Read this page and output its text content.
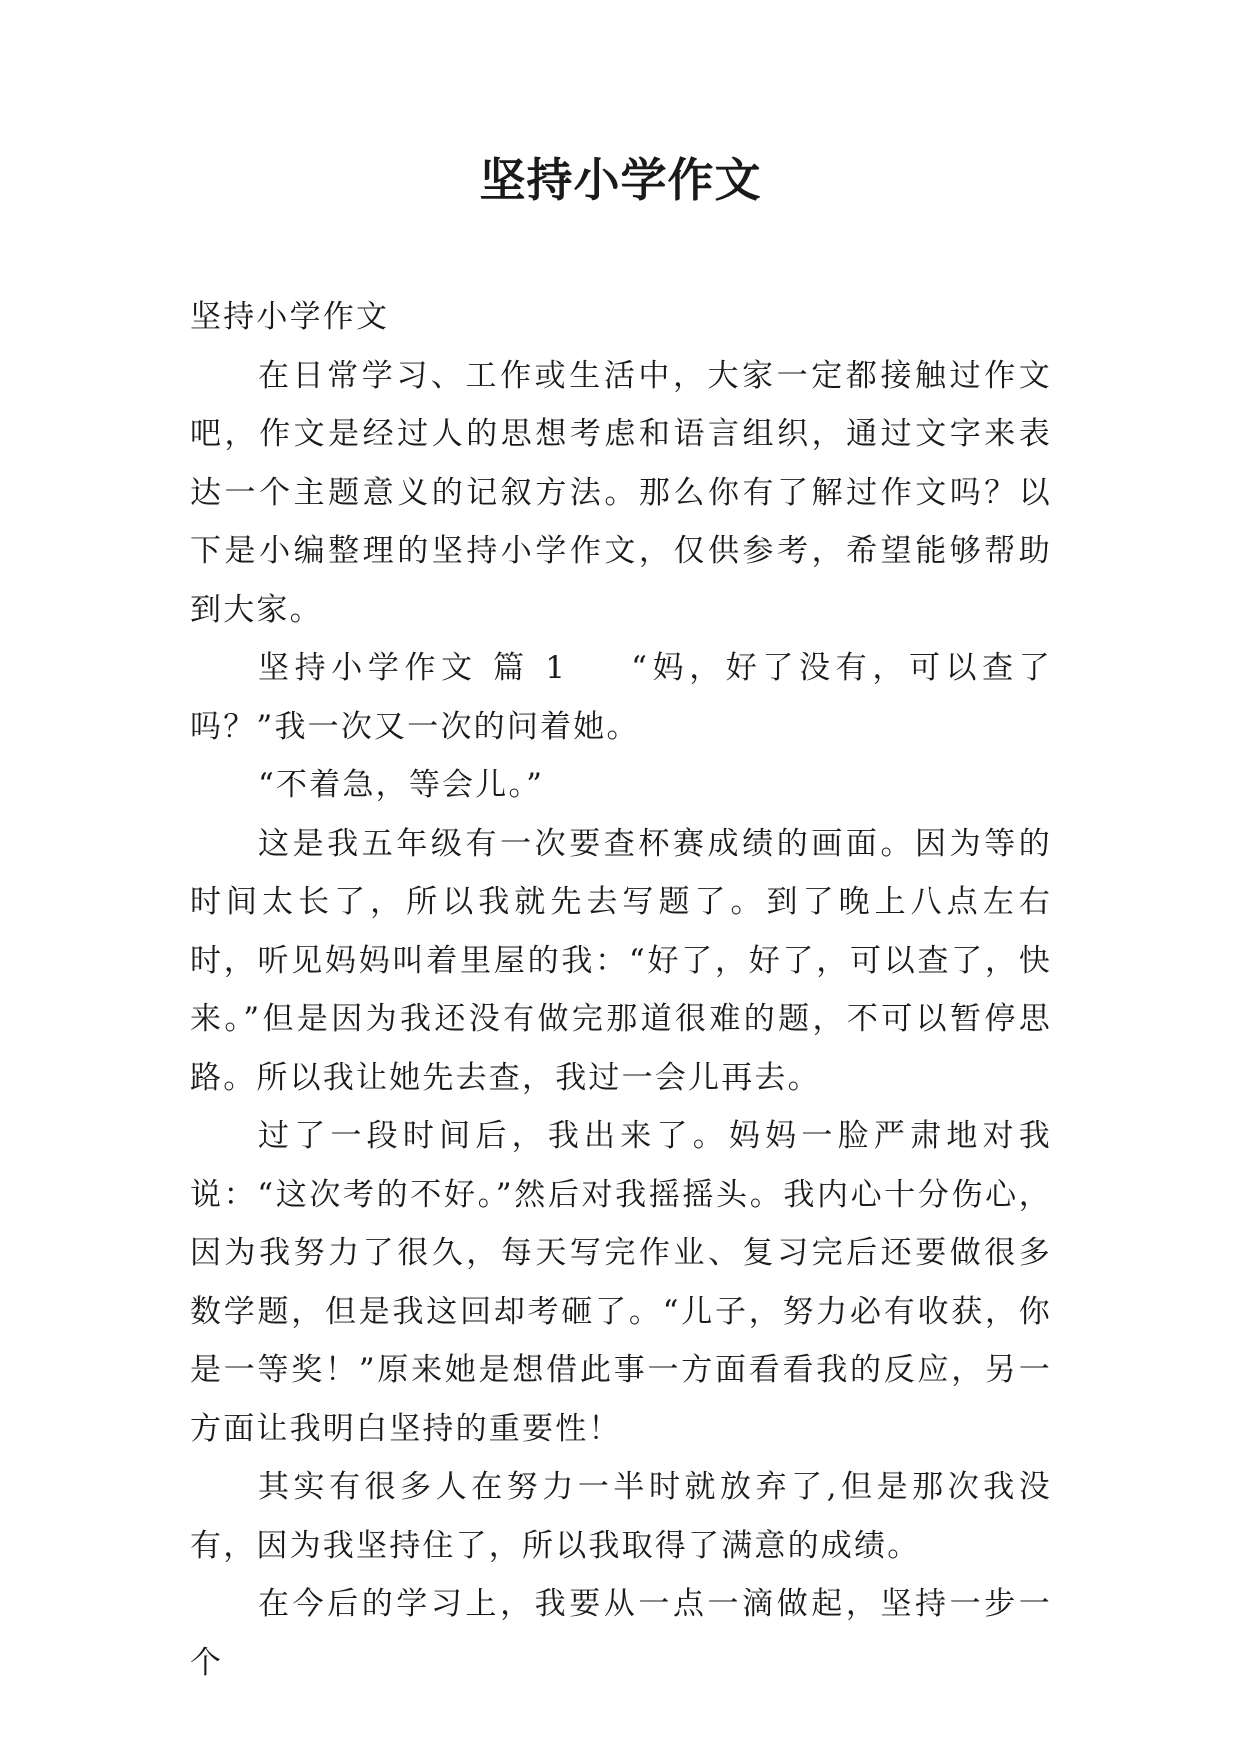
坚持小学作文

坚持小学作文

在日常学习、工作或生活中，大家一定都接触过作文吧，作文是经过人的思想考虑和语言组织，通过文字来表达一个主题意义的记叙方法。那么你有了解过作文吗？以下是小编整理的坚持小学作文，仅供参考，希望能够帮助到大家。

坚持小学作文 篇 1 “妈，好了没有，可以查了吗？”我一次又一次的问着她。

“不着急，等会儿。”

这是我五年级有一次要查杯赛成绩的画面。因为等的时间太长了，所以我就先去写题了。到了晚上八点左右时，听见妈妈叫着里屋的我：“好了，好了，可以查了，快来。”但是因为我还没有做完那道很难的题，不可以暂停思路。所以我让她先去查，我过一会儿再去。

过了一段时间后，我出来了。妈妈一脸严肃地对我说：“这次考的不好。”然后对我摇摇头。我内心十分伤心，因为我努力了很久，每天写完作业、复习完后还要做很多数学题，但是我这回却考砸了。“儿子，努力必有收获，你是一等奖！”原来她是想借此事一方面看看我的反应，另一方面让我明白坚持的重要性！

其实有很多人在努力一半时就放弃了,但是那次我没有，因为我坚持住了，所以我取得了满意的成绩。

在今后的学习上，我要从一点一滴做起，坚持一步一个
